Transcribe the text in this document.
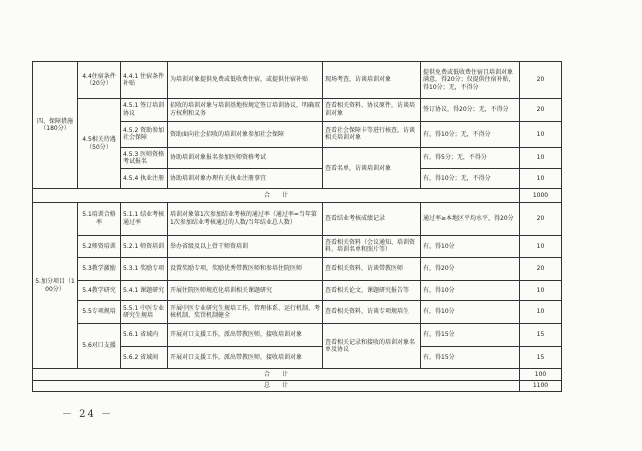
四、保障措施（180分）	4.4住宿条件（20分）	4.4.1 住宿条件补贴	为培训对象提供免费或低收费住宿，或提供住宿补贴	现场考查，访谈培训对象	提供免费或低收费住宿且培训对象满意，得20分；仅提供住宿补贴，得10分；无，不得分	20
	4.5相关待遇（50分）	4.5.1 签订培训协议	招收的培训对象与培训基地按规定签订培训协议，明确双方权利和义务	查看相关资料、协议原件，访谈培训对象	签订协议，得20分；无，不得分	20
		4.5.2 资助参加社会保障	资助面向社会招收的培训对象参加社会保障	查看社会保障卡等进行核查，访谈相关培训对象	有，得10分；无，不得分	10
		4.5.3 医师资格考试报名	协助培训对象报名参加医师资格考试	查看名单，访谈培训对象	有，得5分；无，不得分	10
		4.5.4 执业注册	协助培训对象办理有关执业注册事宜		有，得10分；无，不得分	10
合　　计						1000
5.加分项目（100分）	5.1培训合格率	5.1.1 结业考核通过率	培训对象第1次参加结业考核的通过率（通过率=当年第1次参加结业考核通过的人数/当年结业总人数）	查看结业考核成绩记录	通过率≥本地区平均水平，得20分	20
	5.2师资培训	5.2.1 师资培训	举办省级及以上骨干师资培训	查看相关资料（会议通知、培训资料、培训名单和照片等）	有，得10分	10
	5.3教学激励	5.3.1 奖励专项	设置奖励专项，奖励优秀带教医师和参培住院医师	查看相关资料，访谈带教医师	有，得20分	20
	5.4教学研究	5.4.1 课题研究	开展住院医师规范化培训相关课题研究	查看相关论文、课题研究报告等	有，得10分	10
	5.5专项规培	5.5.1 中医专业研究生规培	开展中医专业研究生规培工作，管理体系、运行机制、考核机制、奖罚机制健全	查看相关资料，访谈专项规培生	有，得10分	10
	5.6对口支援	5.6.1 省域内	开展对口支援工作，派出带教医师，接收培训对象	查看相关记录和接收的培训对象名单及协议	有，得15分	15
		5.6.2 省域间	开展对口支援工作，派出带教医师，接收培训对象		有，得15分	15
合　　计						100
总　　计						1100
－ 24 －
